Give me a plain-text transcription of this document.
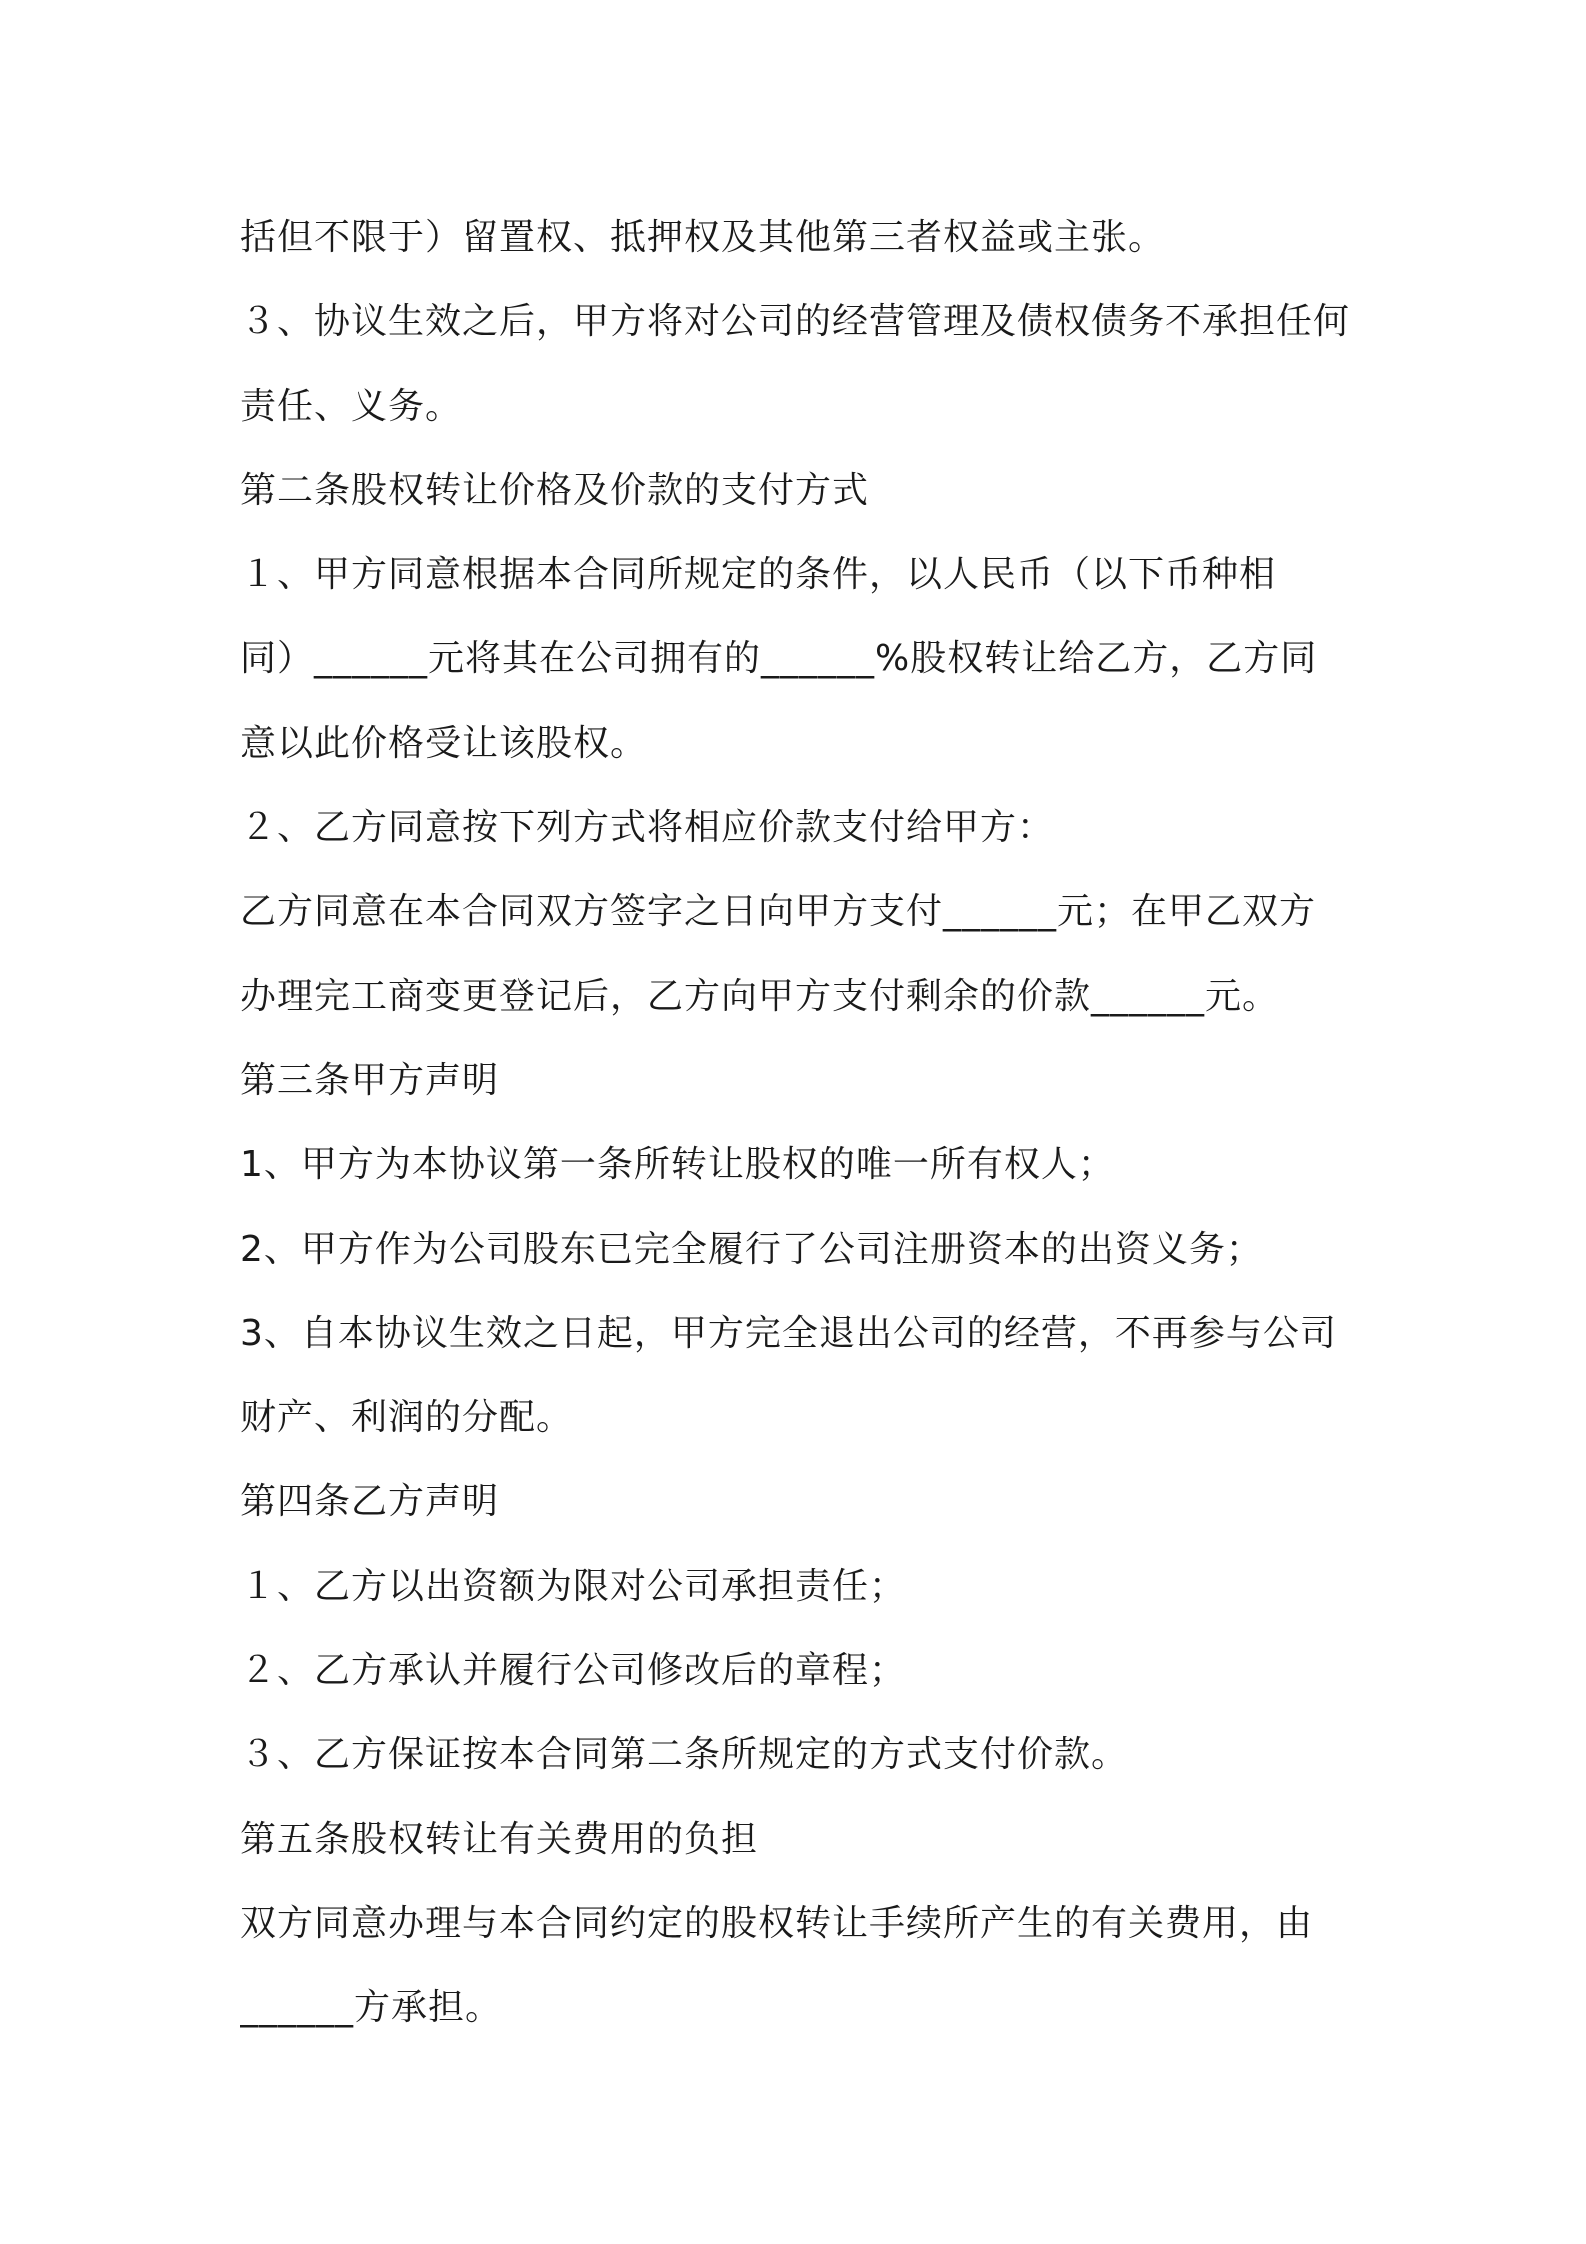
括但不限于）留置权、抵押权及其他第三者权益或主张。
３、协议生效之后，甲方将对公司的经营管理及债权债务不承担任何
责任、义务。
第二条股权转让价格及价款的支付方式
１、甲方同意根据本合同所规定的条件，以人民币（以下币种相
同）______元将其在公司拥有的______%股权转让给乙方，乙方同
意以此价格受让该股权。
２、乙方同意按下列方式将相应价款支付给甲方：
乙方同意在本合同双方签字之日向甲方支付______元；在甲乙双方
办理完工商变更登记后，乙方向甲方支付剩余的价款______元。
第三条甲方声明
1、甲方为本协议第一条所转让股权的唯一所有权人；
2、甲方作为公司股东已完全履行了公司注册资本的出资义务；
3、自本协议生效之日起，甲方完全退出公司的经营，不再参与公司
财产、利润的分配。
第四条乙方声明
１、乙方以出资额为限对公司承担责任；
２、乙方承认并履行公司修改后的章程；
３、乙方保证按本合同第二条所规定的方式支付价款。
第五条股权转让有关费用的负担
双方同意办理与本合同约定的股权转让手续所产生的有关费用，由
______方承担。
